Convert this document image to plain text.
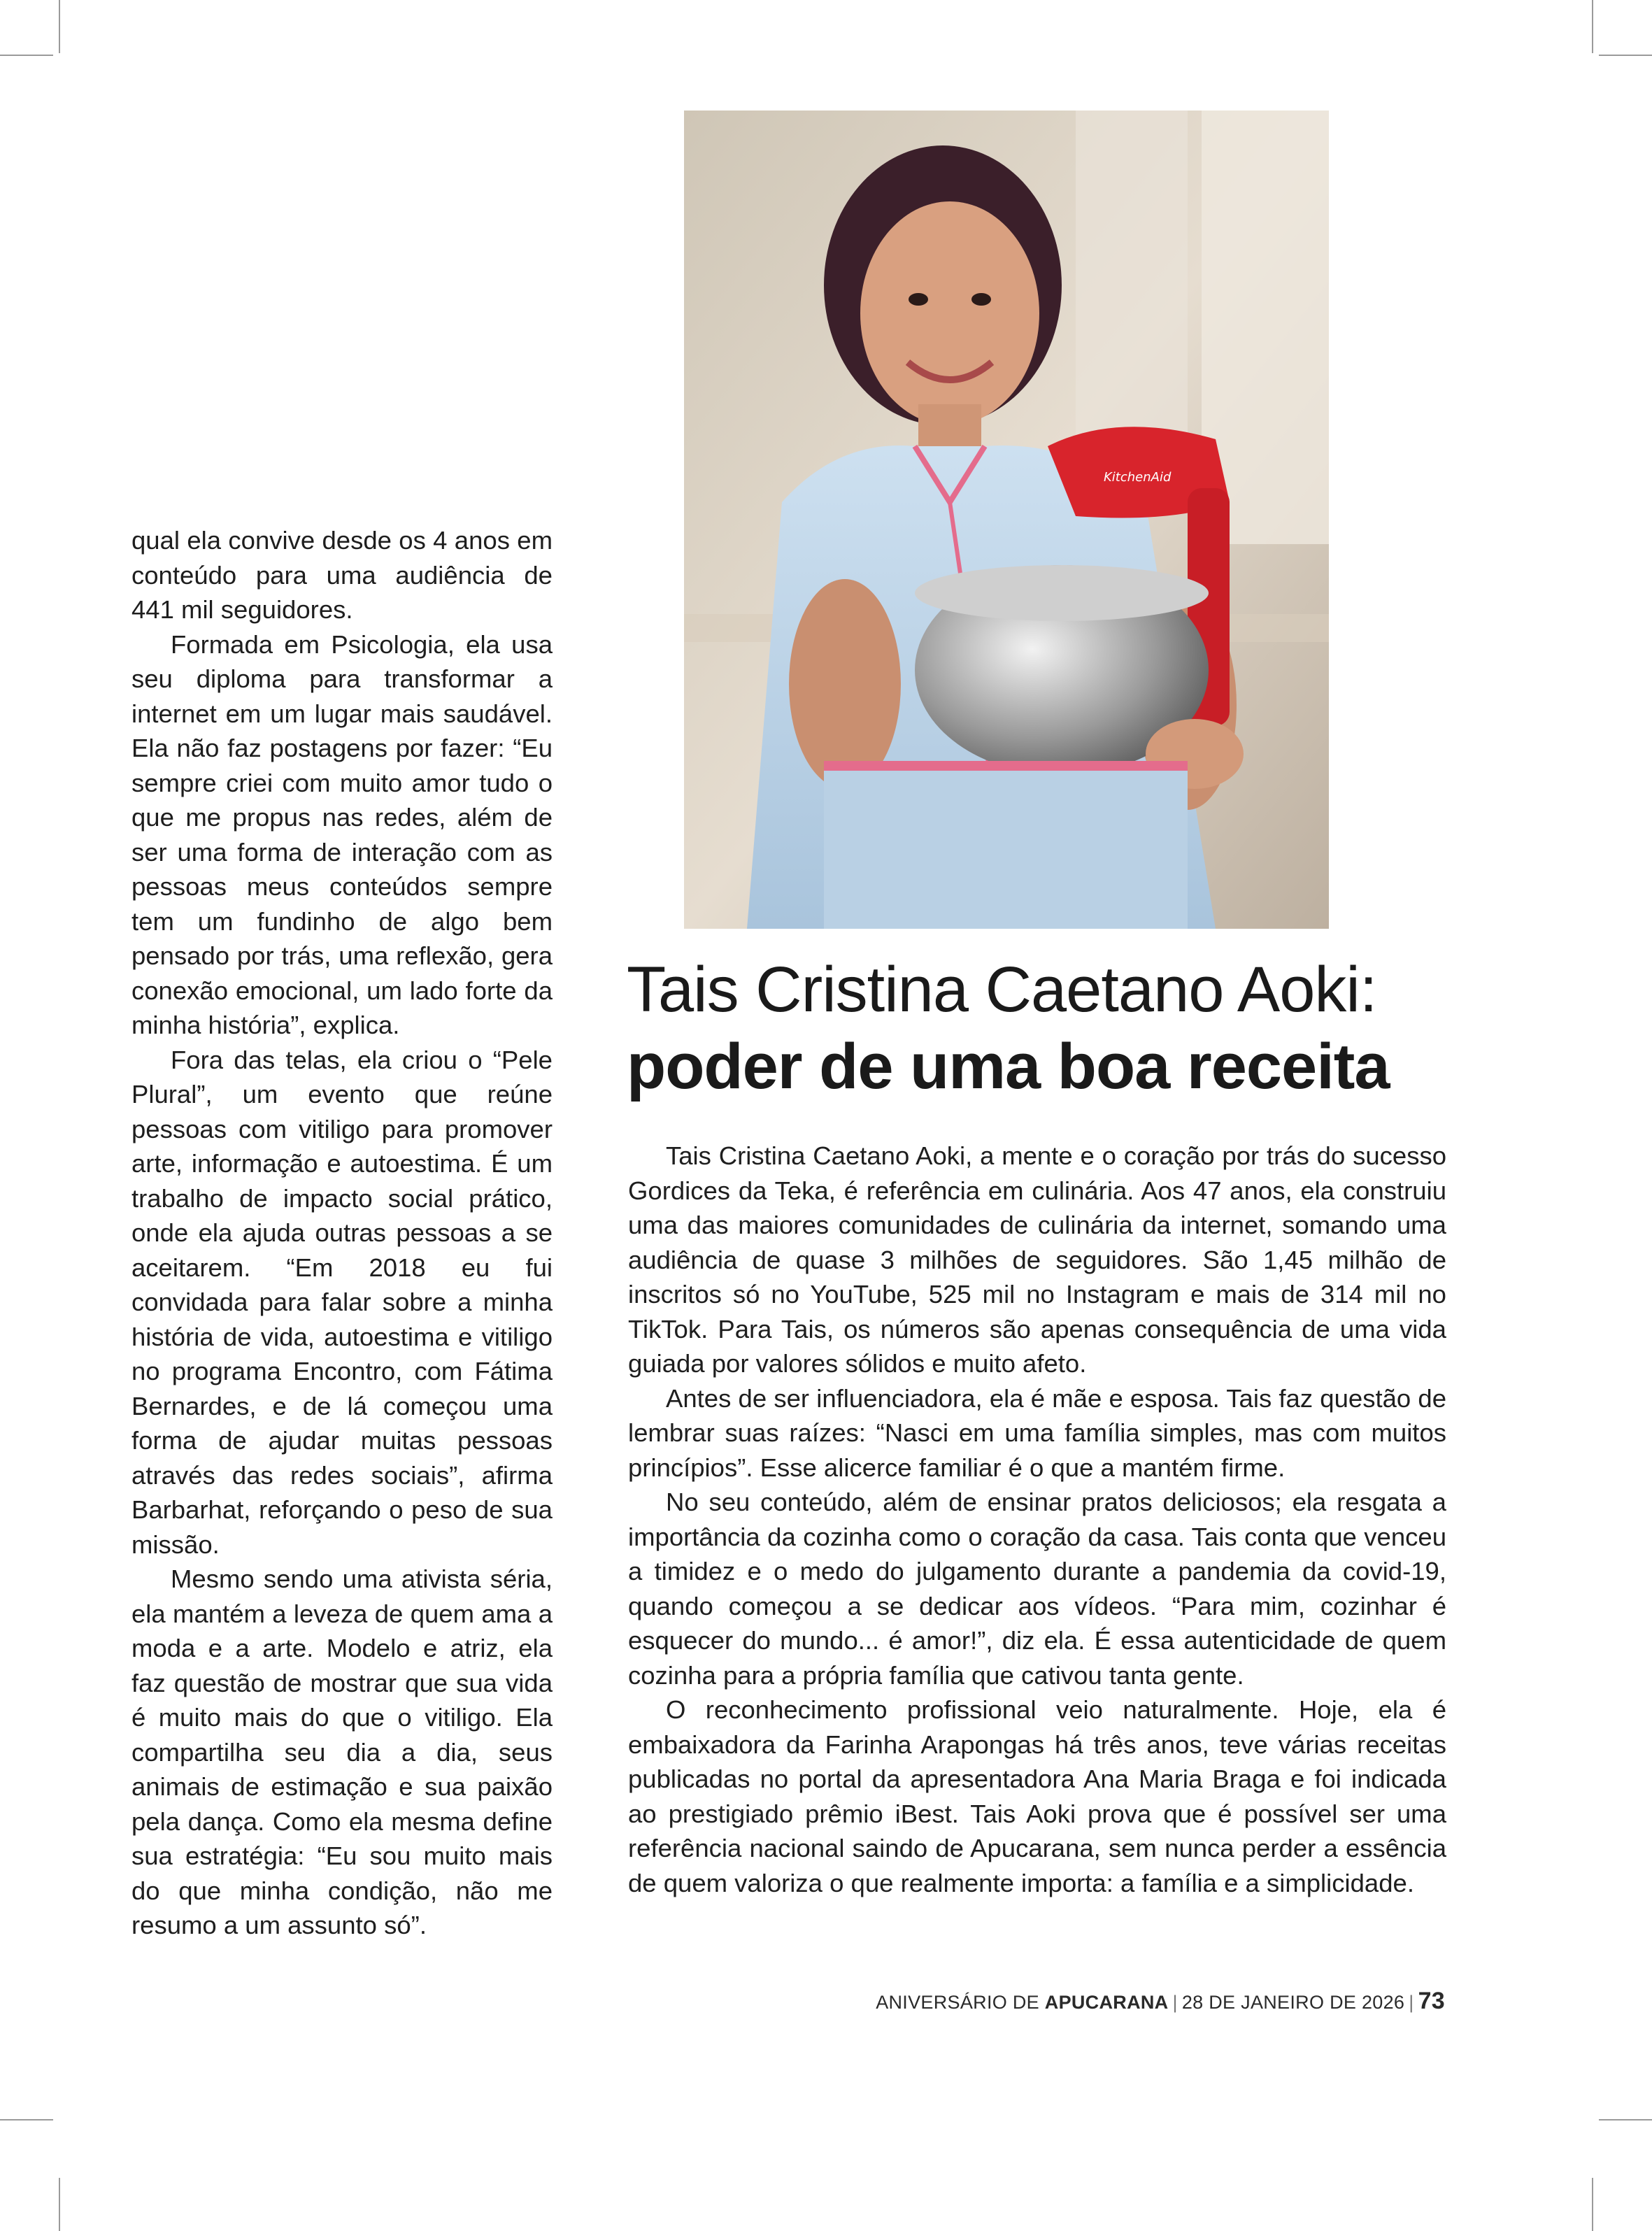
qual ela convive desde os 4 anos em conteúdo para uma audiência de 441 mil seguidores.

Formada em Psicologia, ela usa seu diploma para transformar a internet em um lugar mais saudável. Ela não faz postagens por fazer: “Eu sempre criei com muito amor tudo o que me propus nas redes, além de ser uma forma de interação com as pessoas meus conteúdos sempre tem um fundinho de algo bem pensado por trás, uma reflexão, gera conexão emocional, um lado forte da minha história”, explica.

Fora das telas, ela criou o “Pele Plural”, um evento que reúne pessoas com vitiligo para promover arte, informação e autoestima. É um trabalho de impacto social prático, onde ela ajuda outras pessoas a se aceitarem. “Em 2018 eu fui convidada para falar sobre a minha história de vida, autoestima e vitiligo no programa Encontro, com Fátima Bernardes, e de lá começou uma forma de ajudar muitas pessoas através das redes sociais”, afirma Barbarhat, reforçando o peso de sua missão.

Mesmo sendo uma ativista séria, ela mantém a leveza de quem ama a moda e a arte. Modelo e atriz, ela faz questão de mostrar que sua vida é muito mais do que o vitiligo. Ela compartilha seu dia a dia, seus animais de estimação e sua paixão pela dança. Como ela mesma define sua estratégia: “Eu sou muito mais do que minha condição, não me resumo a um assunto só”.

KitchenAid
Tais Cristina Caetano Aoki:
poder de uma boa receita

Tais Cristina Caetano Aoki, a mente e o coração por trás do sucesso Gordices da Teka, é referência em culinária. Aos 47 anos, ela construiu uma das maiores comunidades de culinária da internet, somando uma audiência de quase 3 milhões de seguidores. São 1,45 milhão de inscritos só no YouTube, 525 mil no Instagram e mais de 314 mil no TikTok. Para Tais, os números são apenas consequência de uma vida guiada por valores sólidos e muito afeto.

Antes de ser influenciadora, ela é mãe e esposa. Tais faz questão de lembrar suas raízes: “Nasci em uma família simples, mas com muitos princípios”. Esse alicerce familiar é o que a mantém firme.

No seu conteúdo, além de ensinar pratos deliciosos; ela resgata a importância da cozinha como o coração da casa. Tais conta que venceu a timidez e o medo do julgamento durante a pandemia da covid-19, quando começou a se dedicar aos vídeos. “Para mim, cozinhar é esquecer do mundo... é amor!”, diz ela. É essa autenticidade de quem cozinha para a própria família que cativou tanta gente.

O reconhecimento profissional veio naturalmente. Hoje, ela é embaixadora da Farinha Arapongas há três anos, teve várias receitas publicadas no portal da apresentadora Ana Maria Braga e foi indicada ao prestigiado prêmio iBest. Tais Aoki prova que é possível ser uma referência nacional saindo de Apucarana, sem nunca perder a essência de quem valoriza o que realmente importa: a família e a simplicidade.

ANIVERSÁRIO DE APUCARANA | 28 DE JANEIRO DE 2026 | 73
